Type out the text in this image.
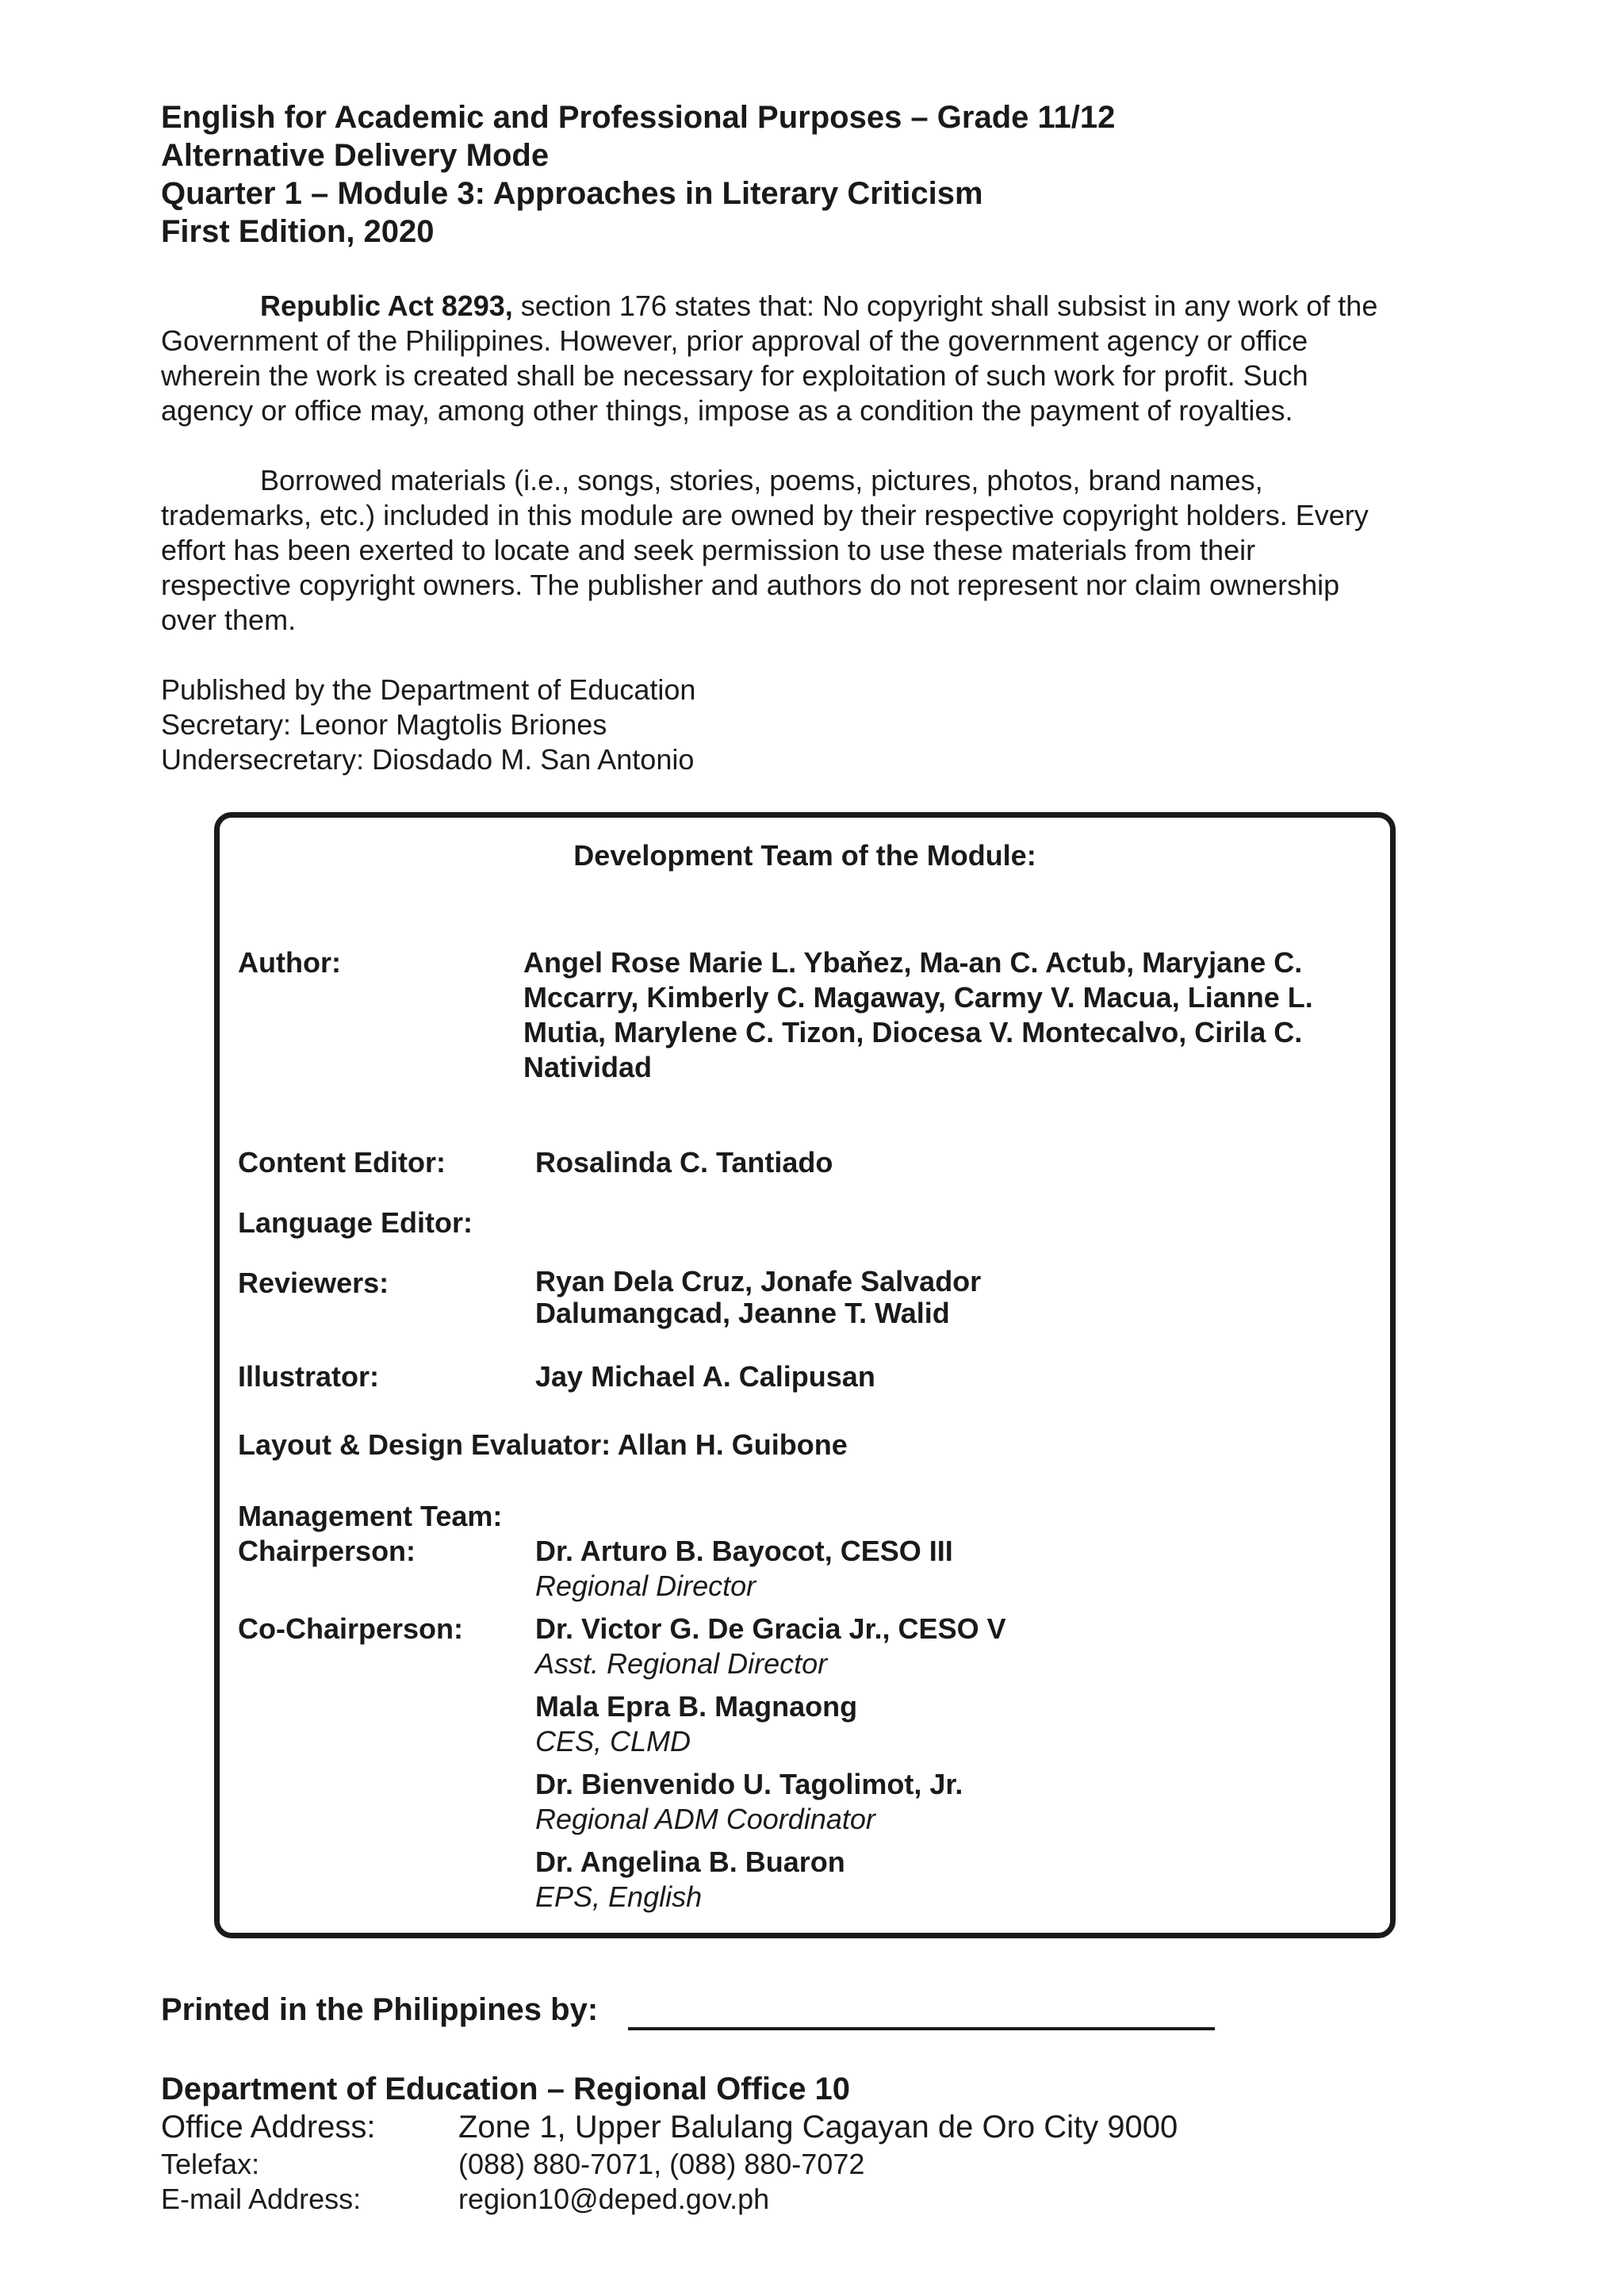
English for Academic and Professional Purposes – Grade 11/12
Alternative Delivery Mode
Quarter 1 – Module 3: Approaches in Literary Criticism
First Edition, 2020
Republic Act 8293, section 176 states that: No copyright shall subsist in any work of the
Government of the Philippines. However, prior approval of the government agency or office
wherein the work is created shall be necessary for exploitation of such work for profit. Such
agency or office may, among other things, impose as a condition the payment of royalties.
Borrowed materials (i.e., songs, stories, poems, pictures, photos, brand names,
trademarks, etc.) included in this module are owned by their respective copyright holders. Every
effort has been exerted to locate and seek permission to use these materials from their
respective copyright owners. The publisher and authors do not represent nor claim ownership
over them.
Published by the Department of Education
Secretary: Leonor Magtolis Briones
Undersecretary: Diosdado M. San Antonio
Development Team of the Module:
Author:	Angel Rose Marie L. Ybaňez, Ma-an C. Actub, Maryjane C.
Mccarry, Kimberly C. Magaway, Carmy V. Macua, Lianne L.
Mutia, Marylene C. Tizon, Diocesa V. Montecalvo, Cirila C.
Natividad
Content Editor:	Rosalinda C. Tantiado
Language Editor:
Reviewers:	Ryan Dela Cruz, Jonafe Salvador
Dalumangcad, Jeanne T. Walid
Illustrator:	Jay Michael A. Calipusan
Layout & Design Evaluator: Allan H. Guibone
Management Team:
Chairperson:	Dr. Arturo B. Bayocot, CESO III
Regional Director
Co-Chairperson:	Dr. Victor G. De Gracia Jr., CESO V
Asst. Regional Director
Mala Epra B. Magnaong
CES, CLMD
Dr. Bienvenido U. Tagolimot, Jr.
Regional ADM Coordinator
Dr. Angelina B. Buaron
EPS, English
Printed in the Philippines by:
Department of Education – Regional Office 10
Office Address:	Zone 1, Upper Balulang Cagayan de Oro City 9000
Telefax:	(088) 880-7071, (088) 880-7072
E-mail Address:	region10@deped.gov.ph
